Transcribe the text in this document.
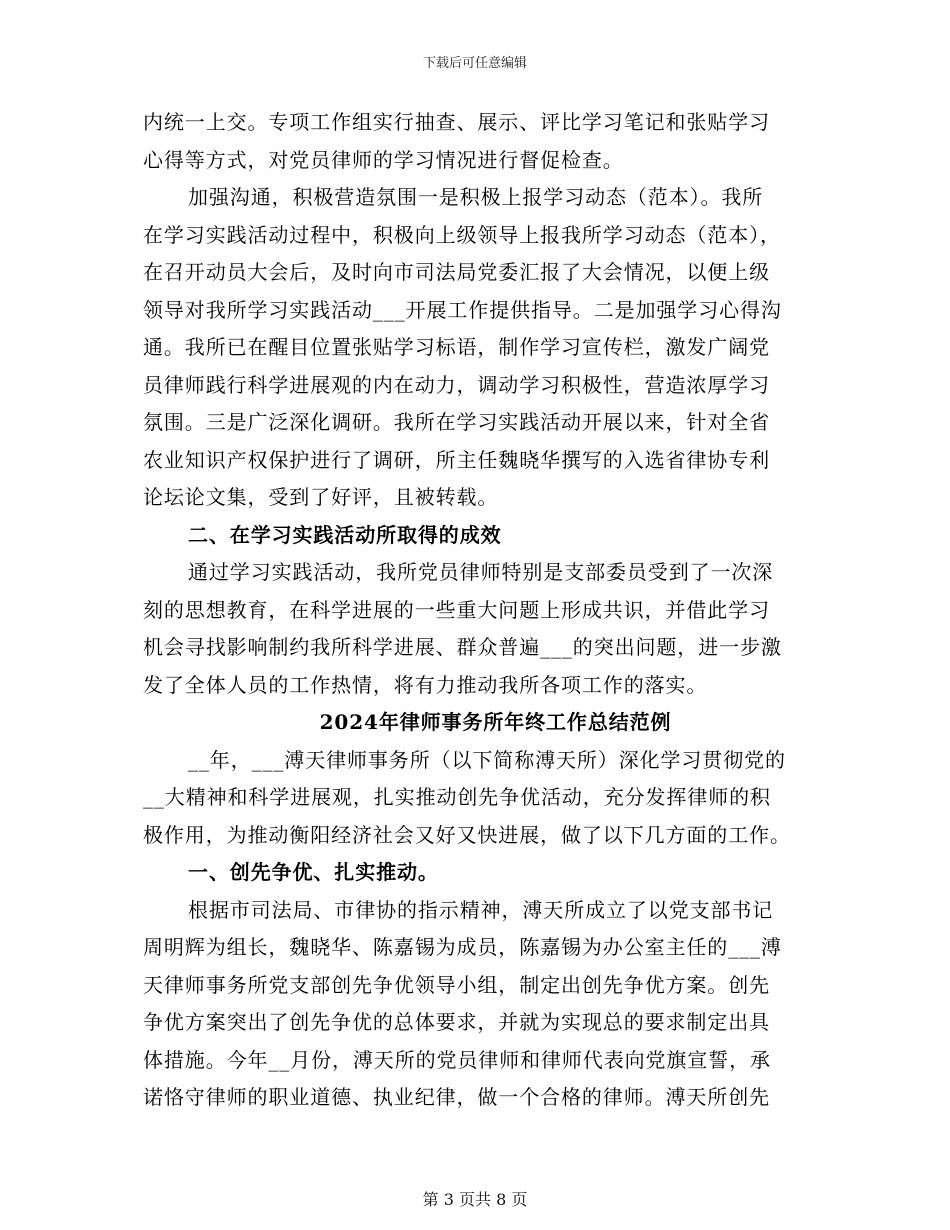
下载后可任意编辑
内统一上交。专项工作组实行抽查、展示、评比学习笔记和张贴学习
心得等方式，对党员律师的学习情况进行督促检查。
加强沟通，积极营造氛围一是积极上报学习动态（范本）。我所
在学习实践活动过程中，积极向上级领导上报我所学习动态（范本），
在召开动员大会后，及时向市司法局党委汇报了大会情况，以便上级
领导对我所学习实践活动___开展工作提供指导。二是加强学习心得沟
通。我所已在醒目位置张贴学习标语，制作学习宣传栏，激发广阔党
员律师践行科学进展观的内在动力，调动学习积极性，营造浓厚学习
氛围。三是广泛深化调研。我所在学习实践活动开展以来，针对全省
农业知识产权保护进行了调研，所主任魏晓华撰写的入选省律协专利
论坛论文集，受到了好评，且被转载。
二、在学习实践活动所取得的成效
通过学习实践活动，我所党员律师特别是支部委员受到了一次深
刻的思想教育，在科学进展的一些重大问题上形成共识，并借此学习
机会寻找影响制约我所科学进展、群众普遍___的突出问题，进一步激
发了全体人员的工作热情，将有力推动我所各项工作的落实。
2024年律师事务所年终工作总结范例
__年，___溥天律师事务所（以下简称溥天所）深化学习贯彻党的
__大精神和科学进展观，扎实推动创先争优活动，充分发挥律师的积
极作用，为推动衡阳经济社会又好又快进展，做了以下几方面的工作。
一、创先争优、扎实推动。
根据市司法局、市律协的指示精神，溥天所成立了以党支部书记
周明辉为组长，魏晓华、陈嘉锡为成员，陈嘉锡为办公室主任的___溥
天律师事务所党支部创先争优领导小组，制定出创先争优方案。创先
争优方案突出了创先争优的总体要求，并就为实现总的要求制定出具
体措施。今年__月份，溥天所的党员律师和律师代表向党旗宣誓，承
诺恪守律师的职业道德、执业纪律，做一个合格的律师。溥天所创先
第 3 页共 8 页
